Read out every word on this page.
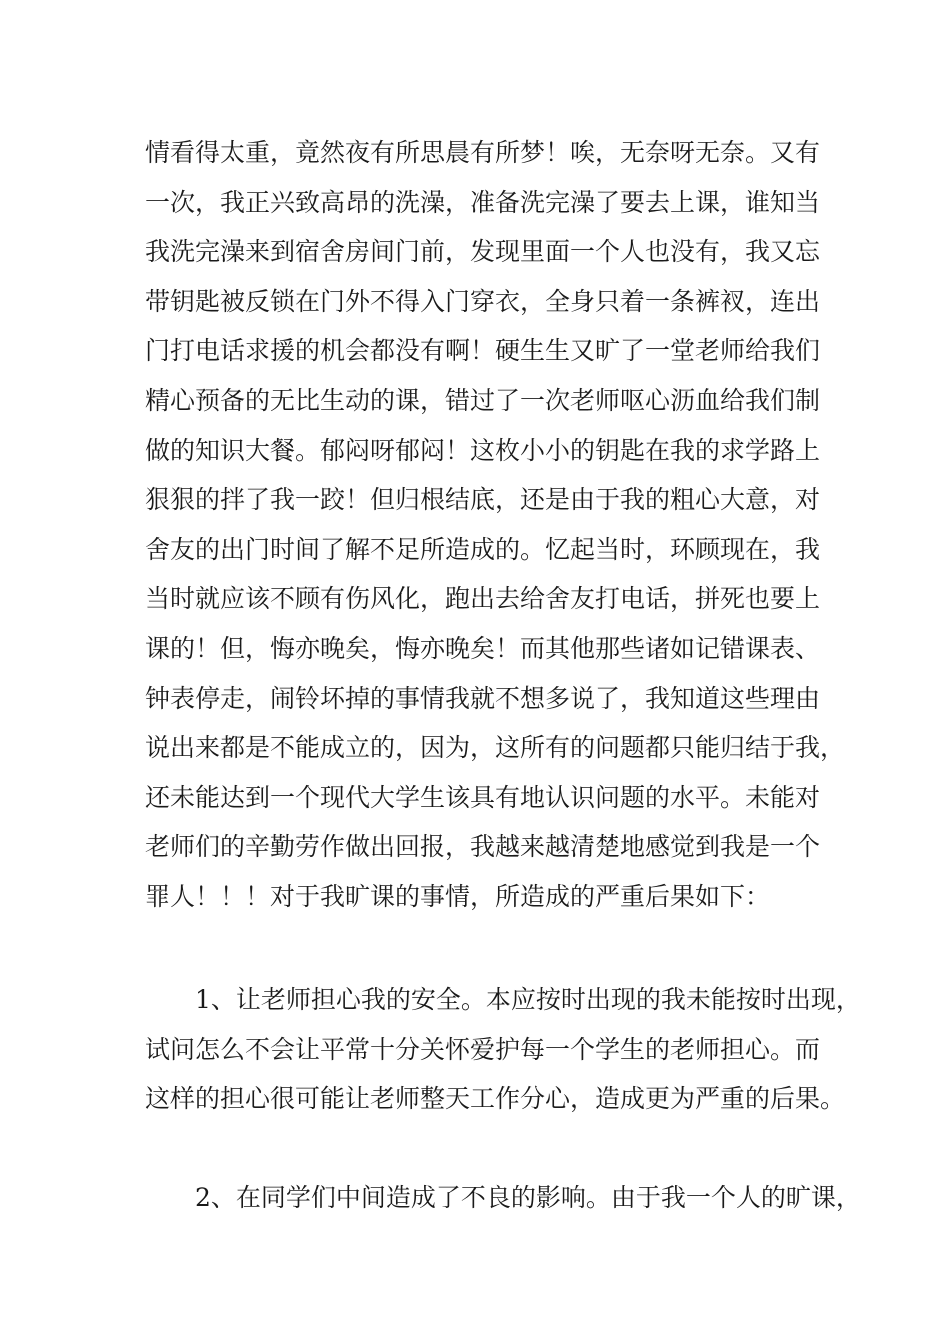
情看得太重，竟然夜有所思晨有所梦！唉，无奈呀无奈。又有
一次，我正兴致高昂的洗澡，准备洗完澡了要去上课，谁知当
我洗完澡来到宿舍房间门前，发现里面一个人也没有，我又忘
带钥匙被反锁在门外不得入门穿衣，全身只着一条裤衩，连出
门打电话求援的机会都没有啊！硬生生又旷了一堂老师给我们
精心预备的无比生动的课，错过了一次老师呕心沥血给我们制
做的知识大餐。郁闷呀郁闷！这枚小小的钥匙在我的求学路上
狠狠的拌了我一跤！但归根结底，还是由于我的粗心大意，对
舍友的出门时间了解不足所造成的。忆起当时，环顾现在，我
当时就应该不顾有伤风化，跑出去给舍友打电话，拼死也要上
课的！但，悔亦晚矣，悔亦晚矣！而其他那些诸如记错课表、
钟表停走，闹铃坏掉的事情我就不想多说了，我知道这些理由
说出来都是不能成立的，因为，这所有的问题都只能归结于我，
还未能达到一个现代大学生该具有地认识问题的水平。未能对
老师们的辛勤劳作做出回报，我越来越清楚地感觉到我是一个
罪人！！！对于我旷课的事情，所造成的严重后果如下：
1、让老师担心我的安全。本应按时出现的我未能按时出现，
试问怎么不会让平常十分关怀爱护每一个学生的老师担心。而
这样的担心很可能让老师整天工作分心，造成更为严重的后果。
2、在同学们中间造成了不良的影响。由于我一个人的旷课，
